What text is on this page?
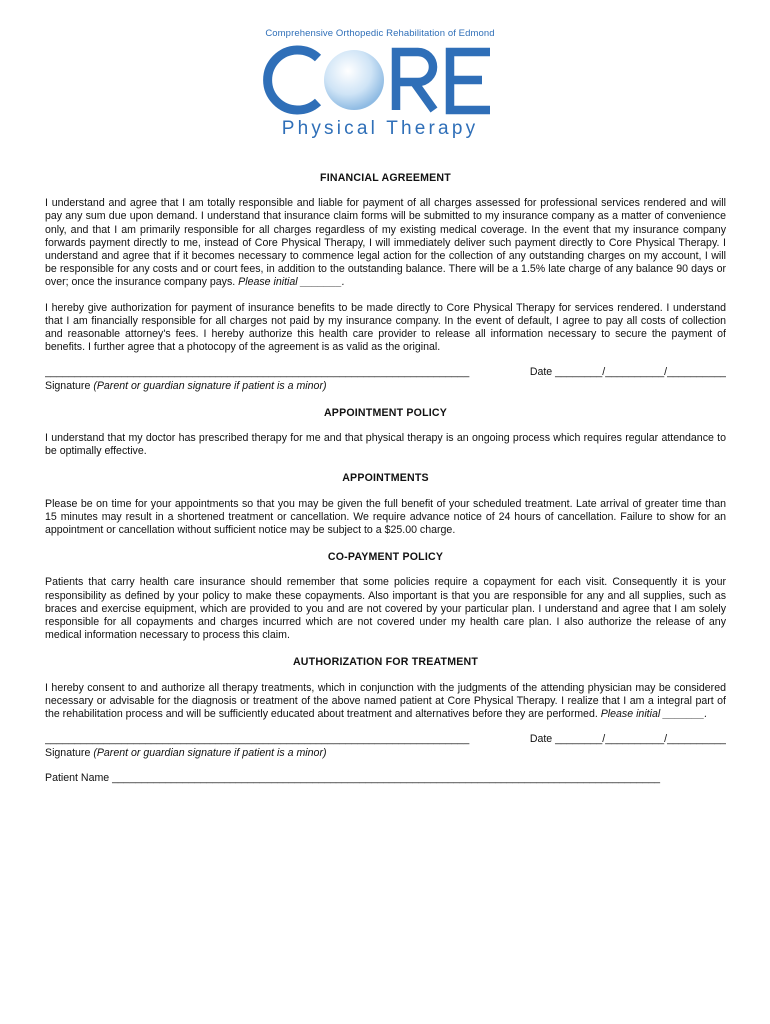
Comprehensive Orthopedic Rehabilitation of Edmond
Physical Therapy
FINANCIAL AGREEMENT

I understand and agree that I am totally responsible and liable for payment of all charges assessed for professional services rendered and will pay any sum due upon demand. I understand that insurance claim forms will be submitted to my insurance company as a matter of convenience only, and that I am primarily responsible for all charges regardless of my existing medical coverage. In the event that my insurance company forwards payment directly to me, instead of Core Physical Therapy, I will immediately deliver such payment directly to Core Physical Therapy. I understand and agree that if it becomes necessary to commence legal action for the collection of any outstanding charges on my account, I will be responsible for any costs and or court fees, in addition to the outstanding balance. There will be a 1.5% late charge of any balance 90 days or over; once the insurance company pays. Please initial _______.

I hereby give authorization for payment of insurance benefits to be made directly to Core Physical Therapy for services rendered. I understand that I am financially responsible for all charges not paid by my insurance company. In the event of default, I agree to pay all costs of collection and reasonable attorney's fees. I hereby authorize this health care provider to release all information necessary to secure the payment of benefits. I further agree that a photocopy of the agreement is as valid as the original.

________________________________________________________________________	Date ________/__________/__________
Signature (Parent or guardian signature if patient is a minor)
APPOINTMENT POLICY

I understand that my doctor has prescribed therapy for me and that physical therapy is an ongoing process which requires regular attendance to be optimally effective.

APPOINTMENTS

Please be on time for your appointments so that you may be given the full benefit of your scheduled treatment. Late arrival of greater time than 15 minutes may result in a shortened treatment or cancellation. We require advance notice of 24 hours of cancellation. Failure to show for an appointment or cancellation without sufficient notice may be subject to a $25.00 charge.

CO-PAYMENT POLICY

Patients that carry health care insurance should remember that some policies require a copayment for each visit. Consequently it is your responsibility as defined by your policy to make these copayments. Also important is that you are responsible for any and all supplies, such as braces and exercise equipment, which are provided to you and are not covered by your particular plan. I understand and agree that I am solely responsible for all copayments and charges incurred which are not covered under my health care plan. I also authorize the release of any medical information necessary to process this claim.

AUTHORIZATION FOR TREATMENT

I hereby consent to and authorize all therapy treatments, which in conjunction with the judgments of the attending physician may be considered necessary or advisable for the diagnosis or treatment of the above named patient at Core Physical Therapy. I realize that I am a integral part of the rehabilitation process and will be sufficiently educated about treatment and alternatives before they are performed. Please initial _______.

________________________________________________________________________	Date ________/__________/__________
Signature (Parent or guardian signature if patient is a minor)
Patient Name _____________________________________________________________________________________________
